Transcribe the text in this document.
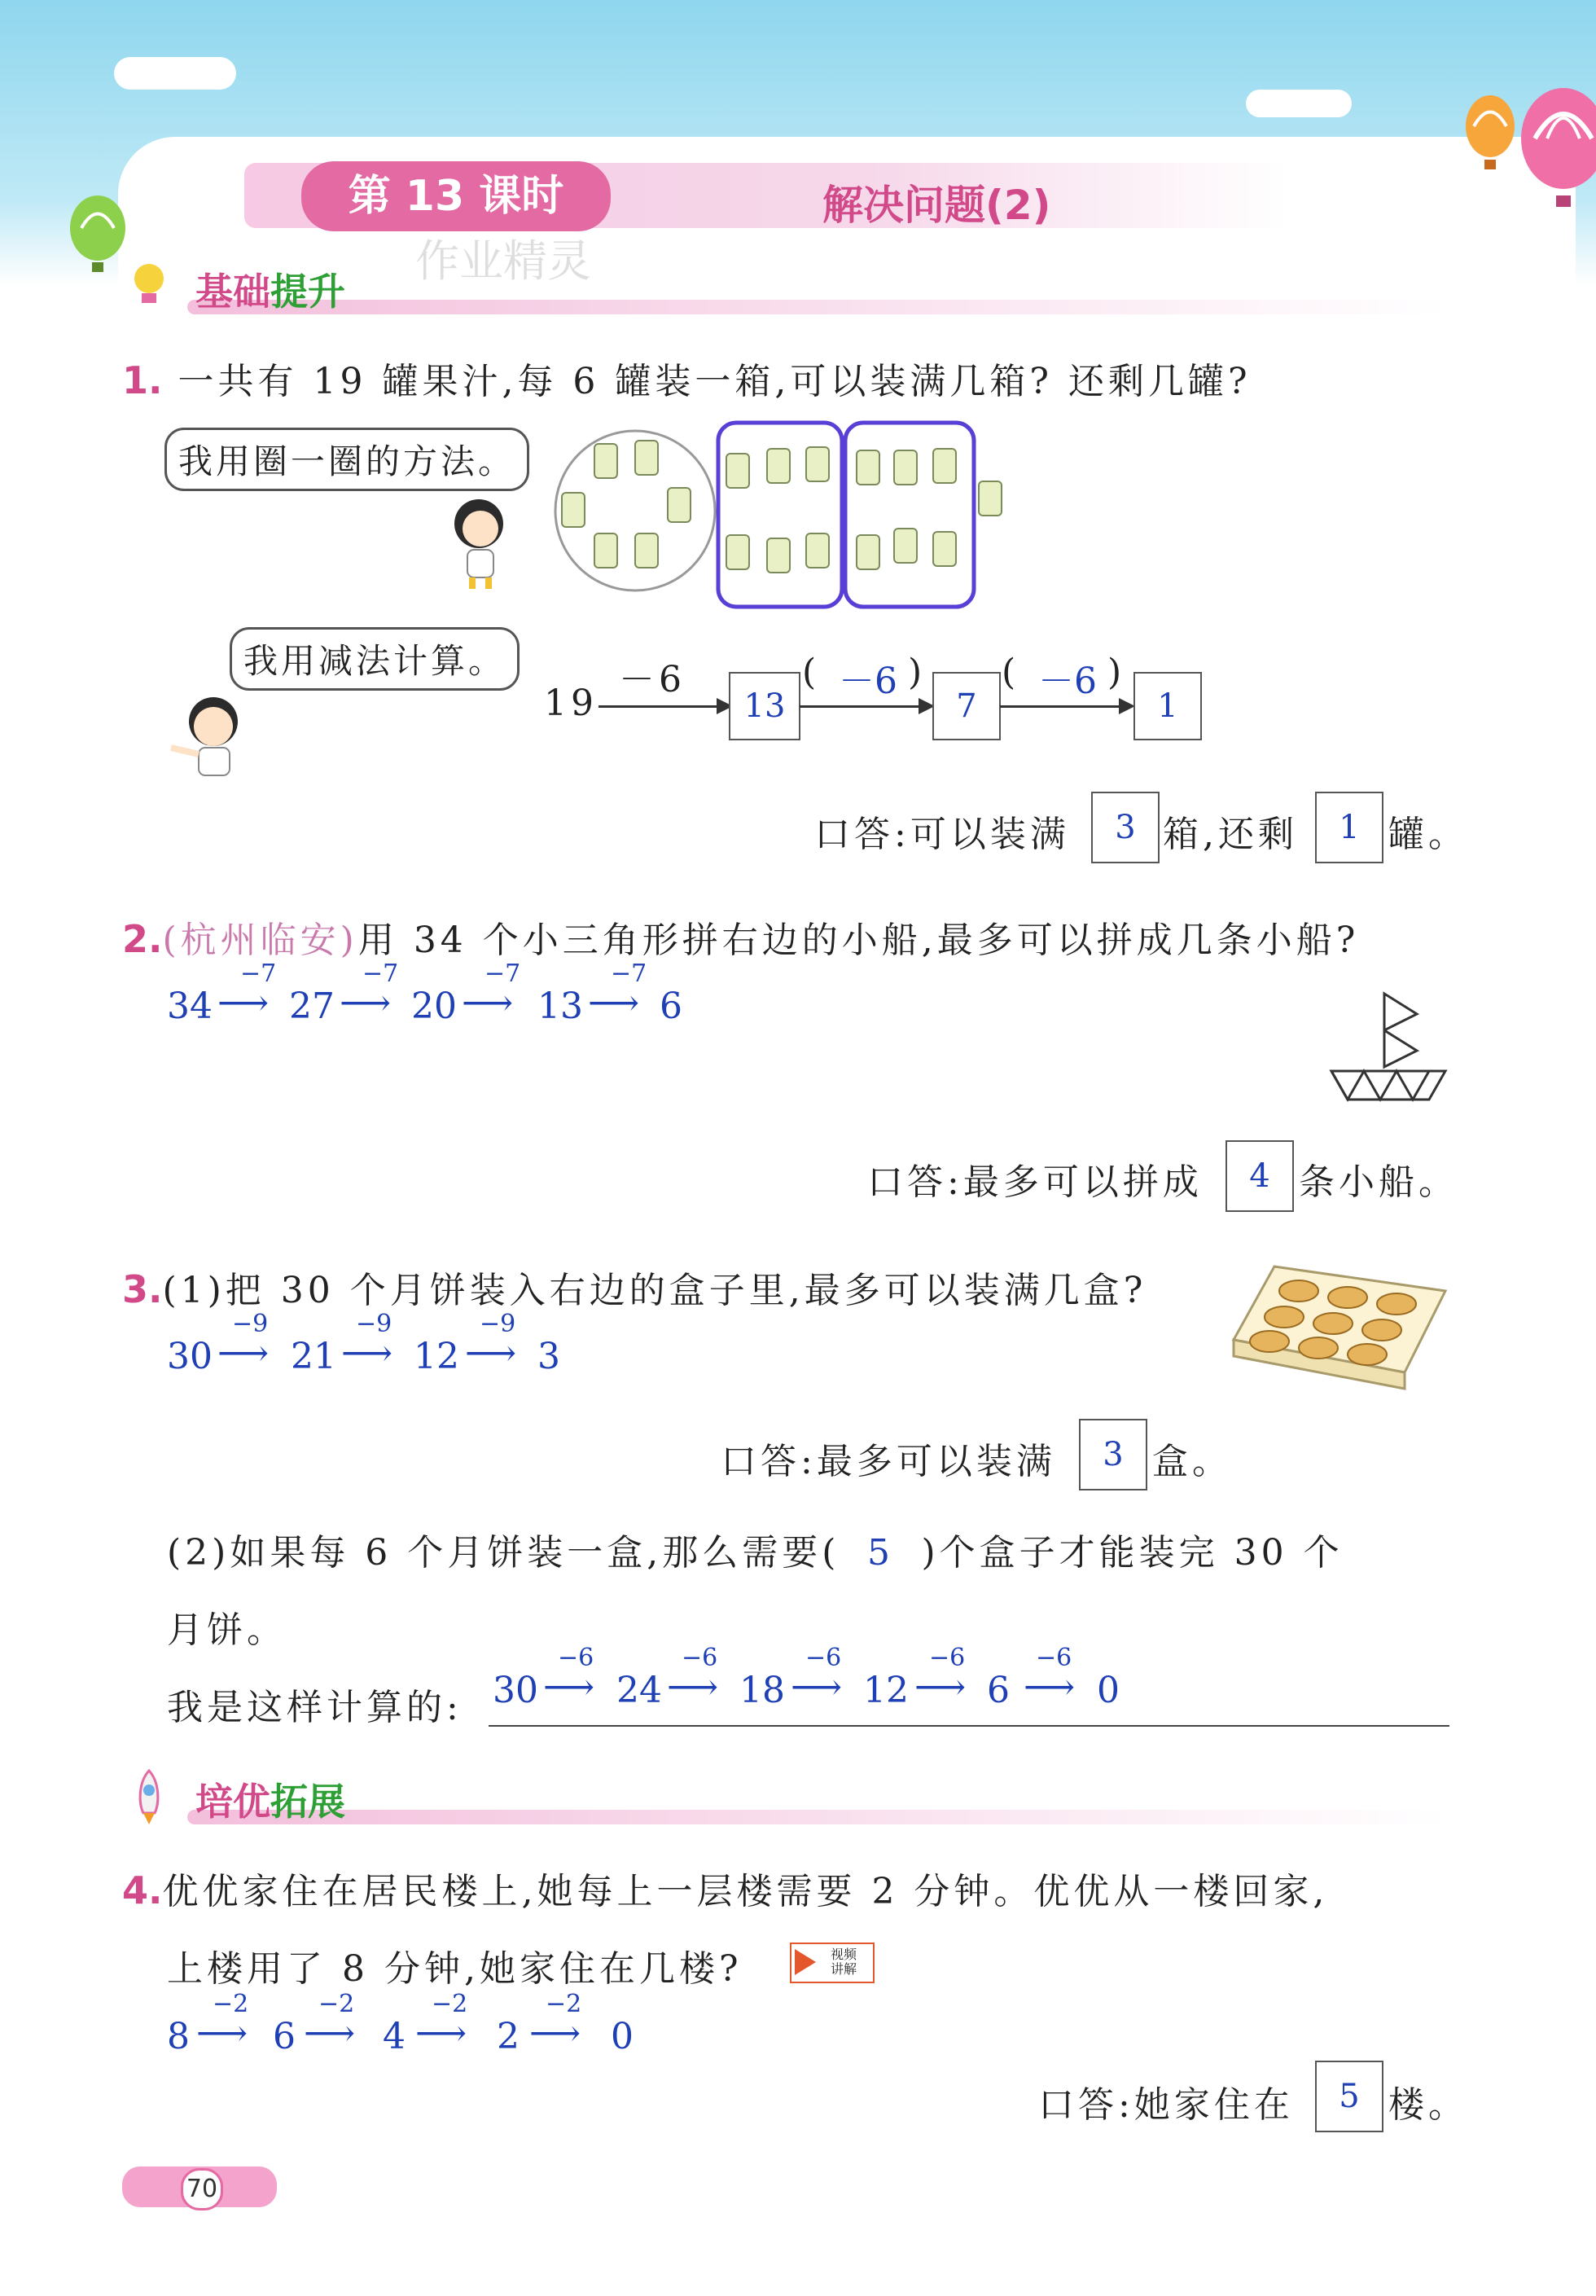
第 13 课时	解决问题(2)
作业精灵
基础提升
1. 一共有 19 罐果汁,每 6 罐装一箱,可以装满几箱? 还剩几罐?
我用圈一圈的方法。
我用减法计算。
19
－6
13
( －6 )
7
( －6 )
1
口答:可以装满	3 箱,还剩	1 罐。
2.(杭州临安)用 34 个小三角形拼右边的小船,最多可以拼成几条小船?
34 27 20 13 6
−7	−7	−7	−7
⟶ ⟶ ⟶ ⟶
口答:最多可以拼成	4 条小船。
3.(1)把 30 个月饼装入右边的盒子里,最多可以装满几盒?
30 21 12 3
−9	−9	−9
⟶ ⟶ ⟶
口答:最多可以装满	3 盒。
(2)如果每 6 个月饼装一盒,那么需要( 5 )个盒子才能装完 30 个
月饼。
我是这样计算的: 30 24 18 12 6 0
−6	−6	−6	−6	−6
⟶ ⟶ ⟶ ⟶ ⟶
培优拓展
4.优优家住在居民楼上,她每上一层楼需要 2 分钟。优优从一楼回家,
上楼用了 8 分钟,她家住在几楼?	视频
讲解
8 6 4	2	0
−2	−2	−2	−2
⟶ ⟶ ⟶ ⟶
口答:她家住在	5 楼。
70
